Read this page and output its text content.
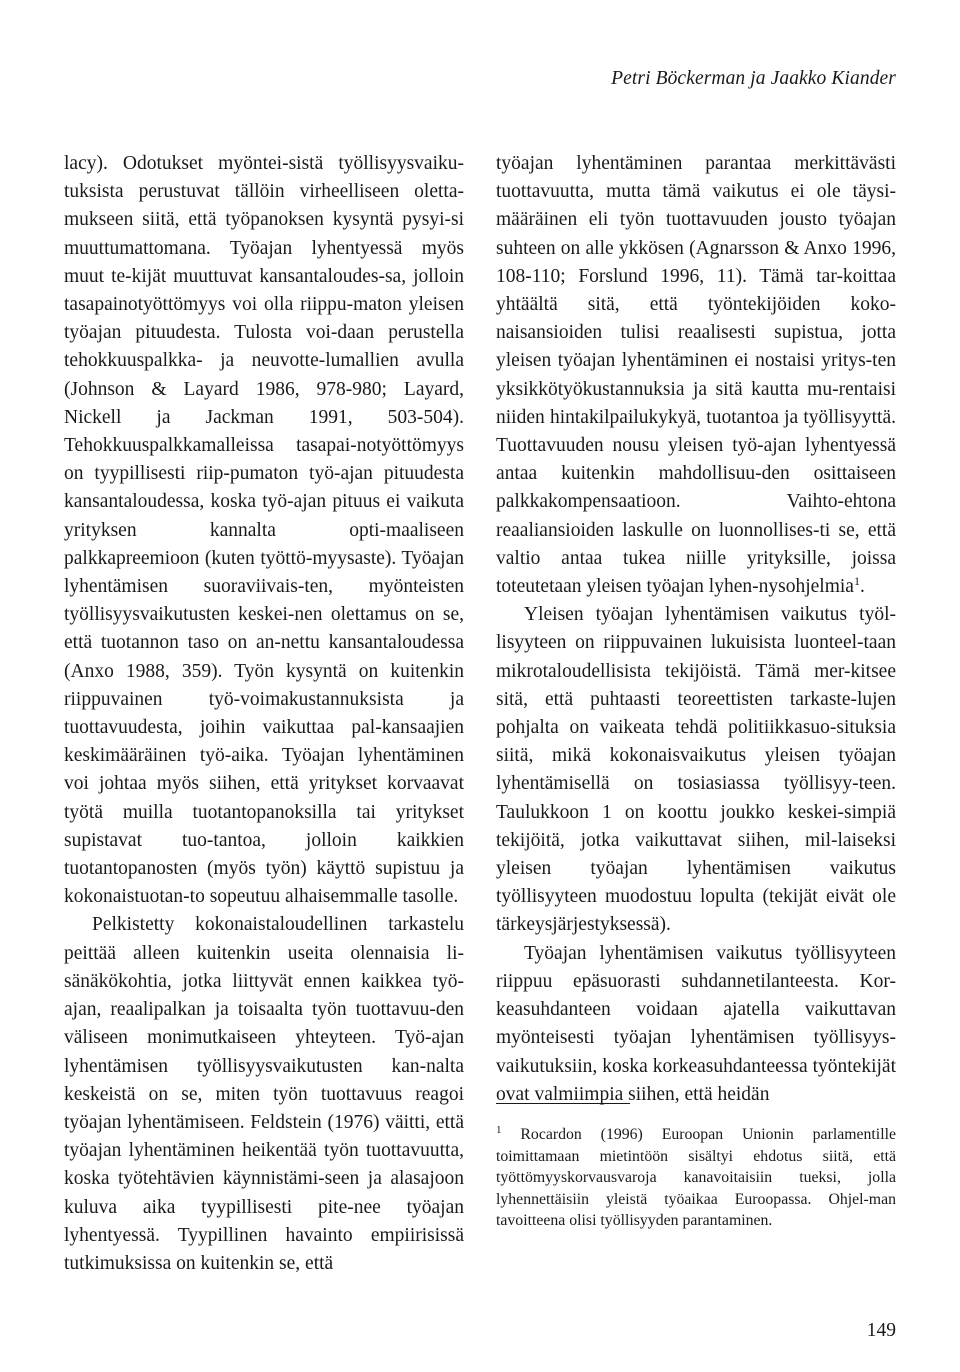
Petri Böckerman ja Jaakko Kiander

lacy). Odotukset myöntei-sistä työllisyysvaiku-tuksista perustuvat tällöin virheelliseen oletta-mukseen siitä, että työpanoksen kysyntä pysyi-si muuttumattomana. Työajan lyhentyessä myös muut te-kijät muuttuvat kansantaloudes-sa, jolloin tasapainotyöttömyys voi olla riippu-maton yleisen työajan pituudesta. Tulosta voi-daan perustella tehokkuuspalkka- ja neuvotte-lumallien avulla (Johnson & Layard 1986, 978-980; Layard, Nickell ja Jackman 1991, 503-504). Tehokkuuspalkkamalleissa tasapai-notyöttömyys on tyypillisesti riip-pumaton työ-ajan pituudesta kansantaloudessa, koska työ-ajan pituus ei vaikuta yrityksen kannalta opti-maaliseen palkkapreemioon (kuten työttö-myysaste). Työajan lyhentämisen suoraviivais-ten, myönteisten työllisyysvaikutusten keskei-nen olettamus on se, että tuotannon taso on an-nettu kansantaloudessa (Anxo 1988, 359). Työn kysyntä on kuitenkin riippuvainen työ-voimakustannuksista ja tuottavuudesta, joihin vaikuttaa pal-kansaajien keskimääräinen työ-aika. Työajan lyhentäminen voi johtaa myös siihen, että yritykset korvaavat työtä muilla tuotantopanoksilla tai yritykset supistavat tuo-tantoa, jolloin kaikkien tuotantopanosten (myös työn) käyttö supistuu ja kokonaistuotan-to sopeutuu alhaisemmalle tasolle.

Pelkistetty kokonaistaloudellinen tarkastelu peittää alleen kuitenkin useita olennaisia li-sänäkökohtia, jotka liittyvät ennen kaikkea työ-ajan, reaalipalkan ja toisaalta työn tuottavuu-den väliseen monimutkaiseen yhteyteen. Työ-ajan lyhentämisen työllisyysvaikutusten kan-nalta keskeistä on se, miten työn tuottavuus reagoi työajan lyhentämiseen. Feldstein (1976) väitti, että työajan lyhentäminen heikentää työn tuottavuutta, koska työtehtävien käynnistämi-seen ja alasajoon kuluva aika tyypillisesti pite-nee työajan lyhentyessä. Tyypillinen havainto empiirisissä tutkimuksissa on kuitenkin se, että

työajan lyhentäminen parantaa merkittävästi tuottavuutta, mutta tämä vaikutus ei ole täysi-määräinen eli työn tuottavuuden jousto työajan suhteen on alle ykkösen (Agnarsson & Anxo 1996, 108-110; Forslund 1996, 11). Tämä tar-koittaa yhtäältä sitä, että työntekijöiden koko-naisansioiden tulisi reaalisesti supistua, jotta yleisen työajan lyhentäminen ei nostaisi yritys-ten yksikkötyökustannuksia ja sitä kautta mu-rentaisi niiden hintakilpailukykyä, tuotantoa ja työllisyyttä. Tuottavuuden nousu yleisen työ-ajan lyhentyessä antaa kuitenkin mahdollisuu-den osittaiseen palkkakompensaatioon. Vaihto-ehtona reaaliansioiden laskulle on luonnollises-ti se, että valtio antaa tukea niille yrityksille, joissa toteutetaan yleisen työajan lyhen-nysohjelmia$^1$.

Yleisen työajan lyhentämisen vaikutus työl-lisyyteen on riippuvainen lukuisista luonteel-taan mikrotaloudellisista tekijöistä. Tämä mer-kitsee sitä, että puhtaasti teoreettisten tarkaste-lujen pohjalta on vaikeata tehdä politiikkasuo-situksia siitä, mikä kokonaisvaikutus yleisen työajan lyhentämisellä on tosiasiassa työllisyy-teen. Taulukkoon 1 on koottu joukko keskei-simpiä tekijöitä, jotka vaikuttavat siihen, mil-laiseksi yleisen työajan lyhentämisen vaikutus työllisyyteen muodostuu lopulta (tekijät eivät ole tärkeysjärjestyksessä).

Työajan lyhentämisen vaikutus työllisyyteen riippuu epäsuorasti suhdannetilanteesta. Kor-keasuhdanteen voidaan ajatella vaikuttavan myönteisesti työajan lyhentämisen työllisyys-vaikutuksiin, koska korkeasuhdanteessa työntekijät ovat valmiimpia siihen, että heidän

$^1$ Rocardon (1996) Euroopan Unionin parlamentille toimittamaan mietintöön sisältyi ehdotus siitä, että työttömyyskorvausvaroja kanavoitaisiin tueksi, jolla lyhennettäisiin yleistä työaikaa Euroopassa. Ohjel-man tavoitteena olisi työllisyyden parantaminen.

149
